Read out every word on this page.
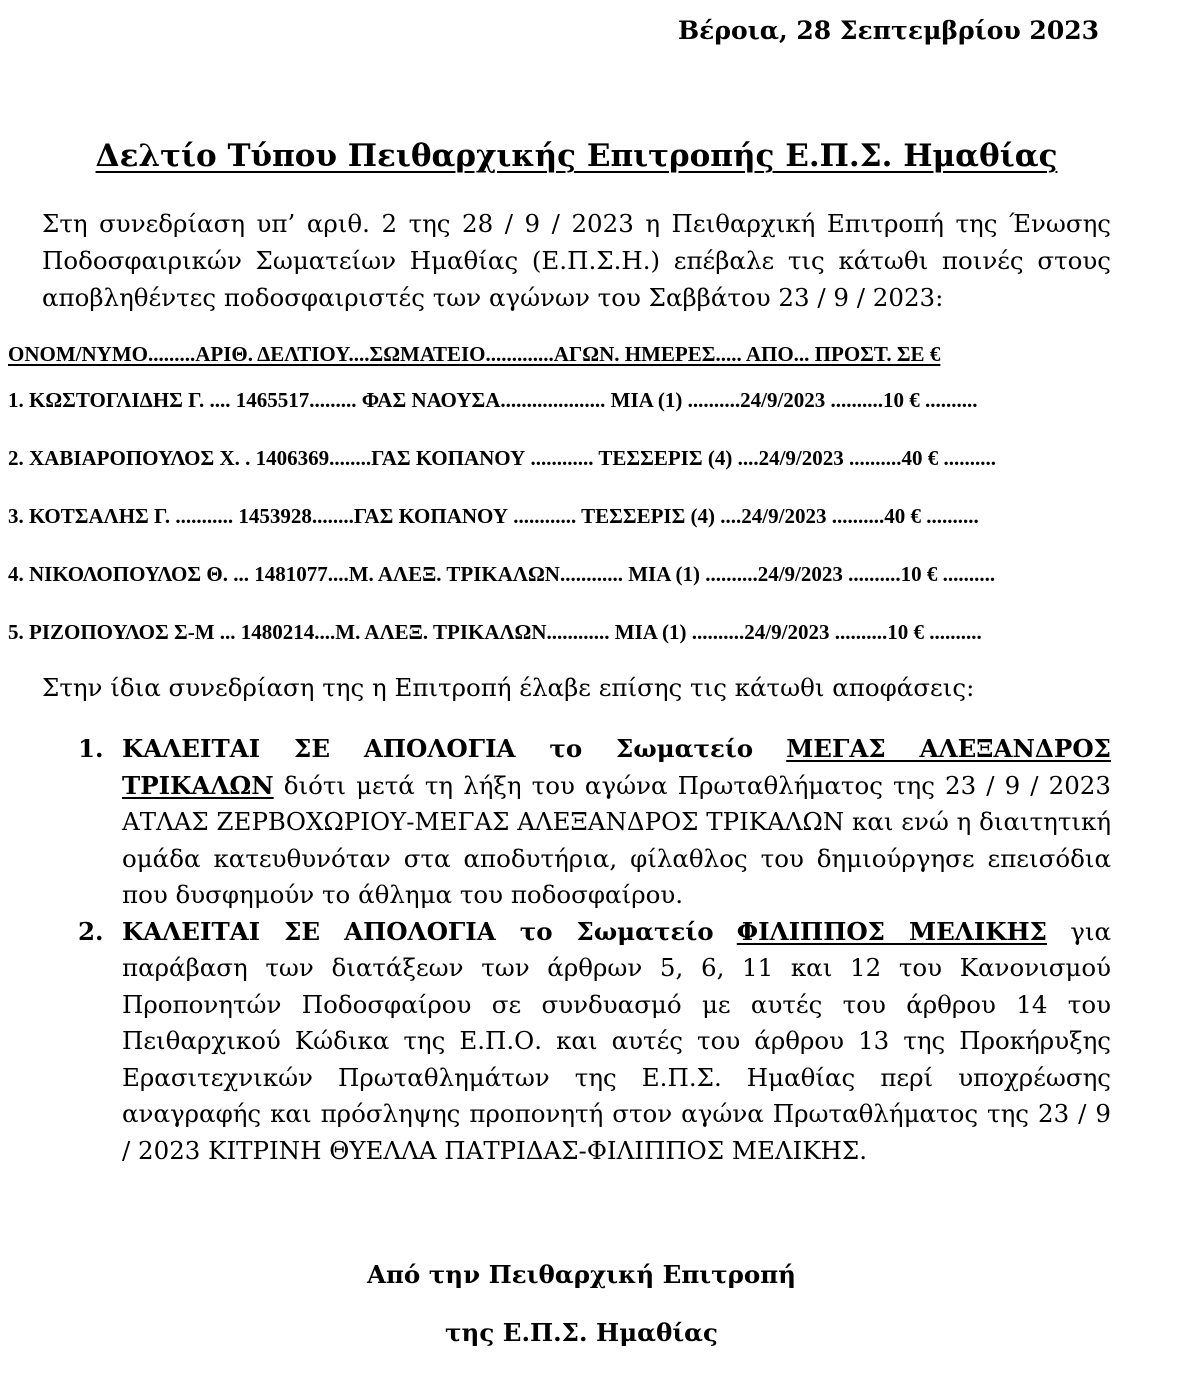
Βέροια, 28 Σεπτεμβρίου 2023
Δελτίο Τύπου Πειθαρχικής Επιτροπής Ε.Π.Σ. Ημαθίας
Στη συνεδρίαση υπ’ αριθ. 2 της 28 / 9 / 2023 η Πειθαρχική Επιτροπή της Ένωσης Ποδοσφαιρικών Σωματείων Ημαθίας (Ε.Π.Σ.Η.) επέβαλε τις κάτωθι ποινές στους αποβληθέντες ποδοσφαιριστές των αγώνων του Σαββάτου 23 / 9 / 2023:
ΟΝΟΜ/ΝΥΜΟ.........ΑΡΙΘ. ΔΕΛΤΙΟΥ....ΣΩΜΑΤΕΙΟ.............ΑΓΩΝ. ΗΜΕΡΕΣ..... ΑΠΟ... ΠΡΟΣΤ. ΣΕ €
1. ΚΩΣΤΟΓΛΙΔΗΣ Γ. .... 1465517......... ΦΑΣ ΝΑΟΥΣΑ.................... ΜΙΑ (1) ..........24/9/2023 ..........10 € ..........
2. ΧΑΒΙΑΡΟΠΟΥΛΟΣ Χ. . 1406369........ΓΑΣ ΚΟΠΑΝΟΥ ............ ΤΕΣΣΕΡΙΣ (4) ....24/9/2023 ..........40 € ..........
3. ΚΟΤΣΑΛΗΣ Γ. ........... 1453928........ΓΑΣ ΚΟΠΑΝΟΥ ............ ΤΕΣΣΕΡΙΣ (4) ....24/9/2023 ..........40 € ..........
4. ΝΙΚΟΛΟΠΟΥΛΟΣ Θ. ... 1481077....Μ. ΑΛΕΞ. ΤΡΙΚΑΛΩΝ............ ΜΙΑ (1) ..........24/9/2023 ..........10 € ..........
5. ΡΙΖΟΠΟΥΛΟΣ Σ-Μ ... 1480214....Μ. ΑΛΕΞ. ΤΡΙΚΑΛΩΝ............ ΜΙΑ (1) ..........24/9/2023 ..........10 € ..........
Στην ίδια συνεδρίαση της η Επιτροπή έλαβε επίσης τις κάτωθι αποφάσεις:
1. ΚΑΛΕΙΤΑΙ ΣΕ ΑΠΟΛΟΓΙΑ το Σωματείο ΜΕΓΑΣ ΑΛΕΞΑΝΔΡΟΣ ΤΡΙΚΑΛΩΝ διότι μετά τη λήξη του αγώνα Πρωταθλήματος της 23 / 9 / 2023 ΑΤΛΑΣ ΖΕΡΒΟΧΩΡΙΟΥ-ΜΕΓΑΣ ΑΛΕΞΑΝΔΡΟΣ ΤΡΙΚΑΛΩΝ και ενώ η διαιτητική ομάδα κατευθυνόταν στα αποδυτήρια, φίλαθλος του δημιούργησε επεισόδια που δυσφημούν το άθλημα του ποδοσφαίρου.
2. ΚΑΛΕΙΤΑΙ ΣΕ ΑΠΟΛΟΓΙΑ το Σωματείο ΦΙΛΙΠΠΟΣ ΜΕΛΙΚΗΣ για παράβαση των διατάξεων των άρθρων 5, 6, 11 και 12 του Κανονισμού Προπονητών Ποδοσφαίρου σε συνδυασμό με αυτές του άρθρου 14 του Πειθαρχικού Κώδικα της Ε.Π.Ο. και αυτές του άρθρου 13 της Προκήρυξης Ερασιτεχνικών Πρωταθλημάτων της Ε.Π.Σ. Ημαθίας περί υποχρέωσης αναγραφής και πρόσληψης προπονητή στον αγώνα Πρωταθλήματος της 23 / 9 / 2023 ΚΙΤΡΙΝΗ ΘΥΕΛΛΑ ΠΑΤΡΙΔΑΣ-ΦΙΛΙΠΠΟΣ ΜΕΛΙΚΗΣ.
Από την Πειθαρχική Επιτροπή
της Ε.Π.Σ. Ημαθίας
